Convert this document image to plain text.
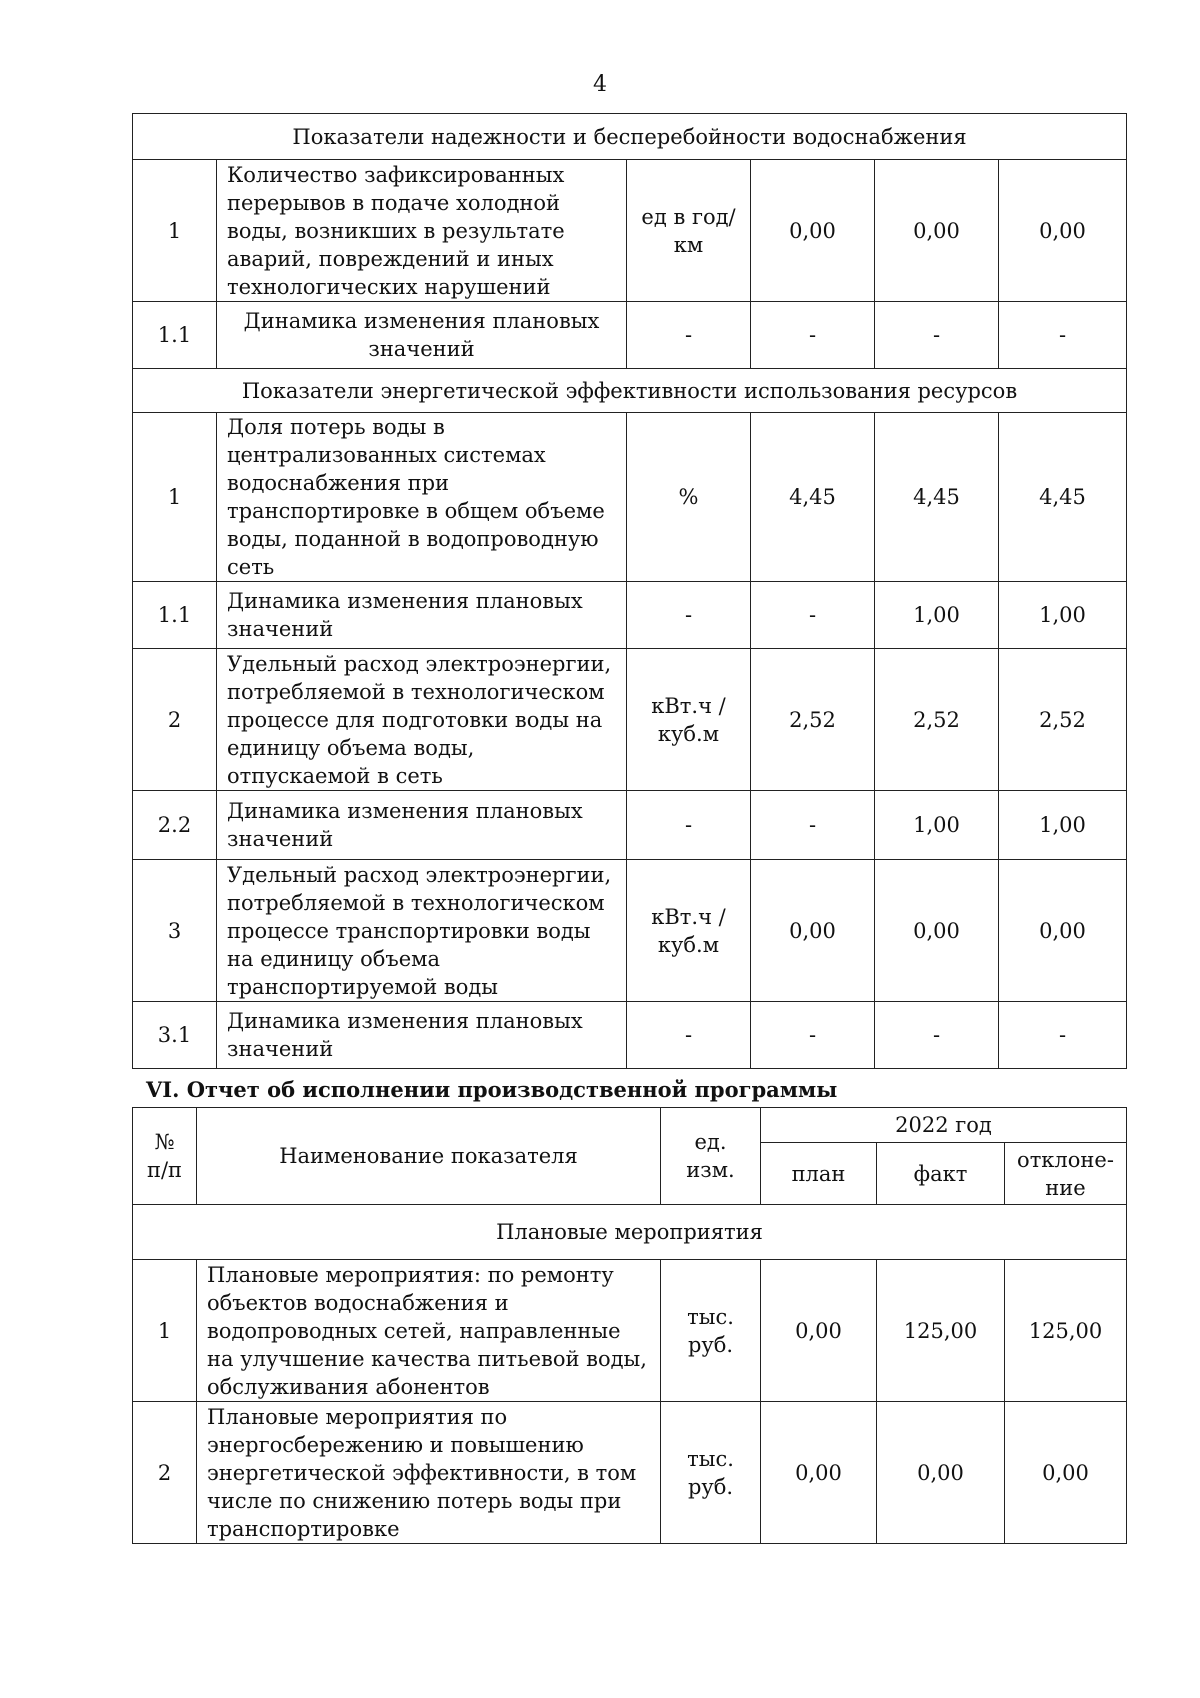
4
Показатели надежности и бесперебойности водоснабжения					
1	Количество зафиксированных перерывов в подаче холодной воды, возникших в результате аварий, повреждений и иных технологических нарушений	ед в год/ км	0,00	0,00	0,00
1.1	Динамика изменения плановых значений	-	-	-	-
Показатели энергетической эффективности использования ресурсов					
1	Доля потерь воды в централизованных системах водоснабжения при транспортировке в общем объеме воды, поданной в водопроводную сеть	%	4,45	4,45	4,45
1.1	Динамика изменения плановых значений	-	-	1,00	1,00
2	Удельный расход электроэнергии, потребляемой в технологическом процессе для подготовки воды на единицу объема воды, отпускаемой в сеть	кВт.ч / куб.м	2,52	2,52	2,52
2.2	Динамика изменения плановых значений	-	-	1,00	1,00
3	Удельный расход электроэнергии, потребляемой в технологическом процессе транспортировки воды на единицу объема транспортируемой воды	кВт.ч / куб.м	0,00	0,00	0,00
3.1	Динамика изменения плановых значений	-	-	-	-
VI. Отчет об исполнении производственной программы
№ п/п	Наименование показателя	ед. изм.	2022 год		
			план	факт	отклоне-ние
Плановые мероприятия					
1	Плановые мероприятия: по ремонту объектов водоснабжения и водопроводных сетей, направленные на улучшение качества питьевой воды, обслуживания абонентов	тыс. руб.	0,00	125,00	125,00
2	Плановые мероприятия по энергосбережению и повышению энергетической эффективности, в том числе по снижению потерь воды при транспортировке	тыс. руб.	0,00	0,00	0,00
